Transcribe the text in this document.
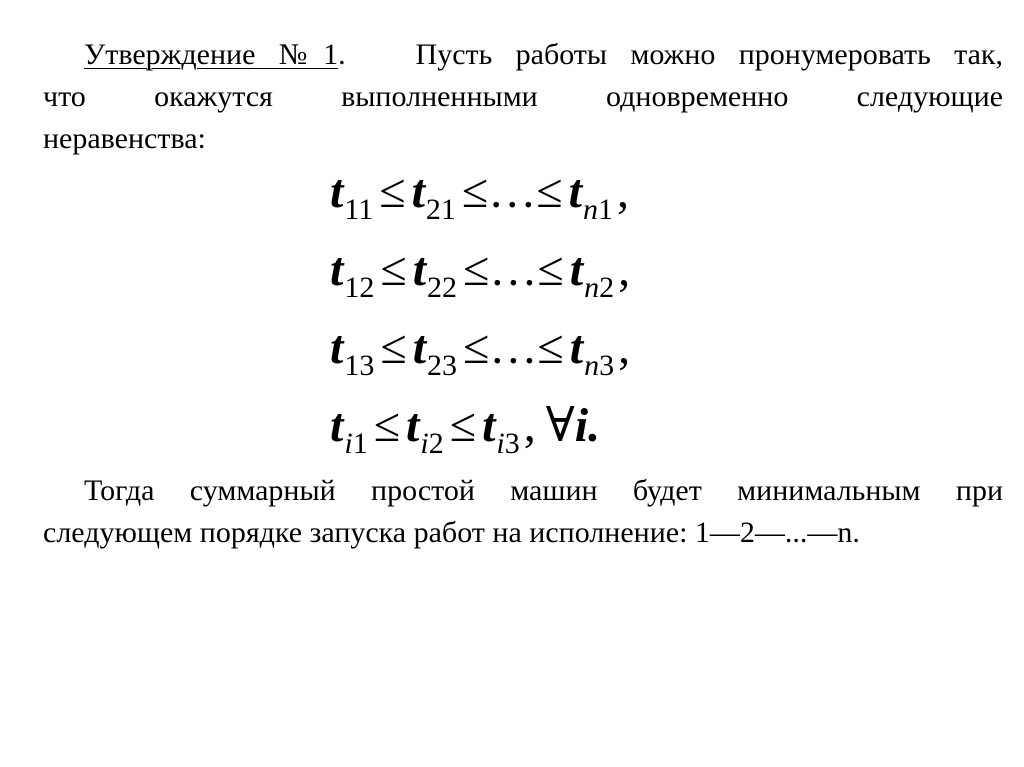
Утверждение №1. Пусть работы можно пронумеровать так,
что окажутся выполненными одновременно следующие
неравенства:

$t_{11} \le t_{21}$ ≤…≤ $t_{n1}$,
$t_{12} \le t_{22}$ ≤…≤ $t_{n2}$,
$t_{13} \le t_{23}$ ≤…≤ $t_{n3}$,
$t_{i1} \le t_{i2} \le t_{i3}$, ∀i.

Тогда суммарный простой машин будет минимальным при
следующем порядке запуска работ на исполнение: 1—2—...—n.
